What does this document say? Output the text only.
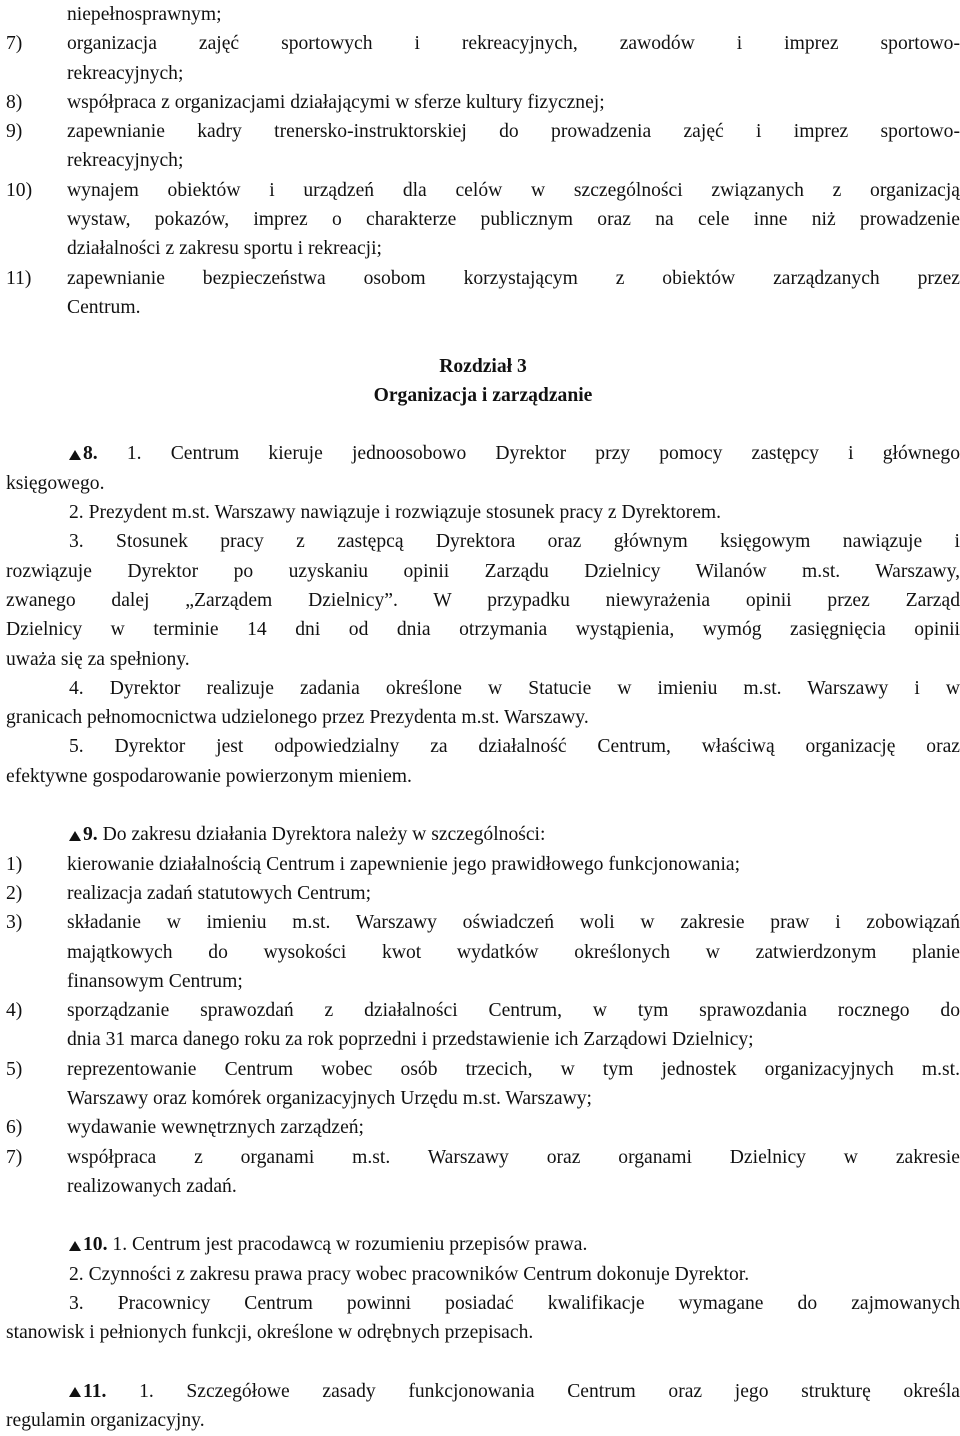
niepełnosprawnym;
7) organizacja zajęć sportowych i rekreacyjnych, zawodów i imprez sportowo-
rekreacyjnych;
8) współpraca z organizacjami działającymi w sferze kultury fizycznej;
9) zapewnianie kadry trenersko-instruktorskiej do prowadzenia zajęć i imprez sportowo-
rekreacyjnych;
10) wynajem obiektów i urządzeń dla celów w szczególności związanych z organizacją
wystaw, pokazów, imprez o charakterze publicznym oraz na cele inne niż prowadzenie
działalności z zakresu sportu i rekreacji;
11) zapewnianie bezpieczeństwa osobom korzystającym z obiektów zarządzanych przez
Centrum.
Rozdział 3
Organizacja i zarządzanie
8. 1. Centrum kieruje jednoosobowo Dyrektor przy pomocy zastępcy i głównego
księgowego.
2. Prezydent m.st. Warszawy nawiązuje i rozwiązuje stosunek pracy z Dyrektorem.
3. Stosunek pracy z zastępcą Dyrektora oraz głównym księgowym nawiązuje i
rozwiązuje Dyrektor po uzyskaniu opinii Zarządu Dzielnicy Wilanów m.st. Warszawy,
zwanego dalej „Zarządem Dzielnicy”. W przypadku niewyrażenia opinii przez Zarząd
Dzielnicy w terminie 14 dni od dnia otrzymania wystąpienia, wymóg zasięgnięcia opinii
uważa się za spełniony.
4. Dyrektor realizuje zadania określone w Statucie w imieniu m.st. Warszawy i w
granicach pełnomocnictwa udzielonego przez Prezydenta m.st. Warszawy.
5. Dyrektor jest odpowiedzialny za działalność Centrum, właściwą organizację oraz
efektywne gospodarowanie powierzonym mieniem.
9. Do zakresu działania Dyrektora należy w szczególności:
1) kierowanie działalnością Centrum i zapewnienie jego prawidłowego funkcjonowania;
2) realizacja zadań statutowych Centrum;
3) składanie w imieniu m.st. Warszawy oświadczeń woli w zakresie praw i zobowiązań
majątkowych do wysokości kwot wydatków określonych w zatwierdzonym planie
finansowym Centrum;
4) sporządzanie sprawozdań z działalności Centrum, w tym sprawozdania rocznego do
dnia 31 marca danego roku za rok poprzedni i przedstawienie ich Zarządowi Dzielnicy;
5) reprezentowanie Centrum wobec osób trzecich, w tym jednostek organizacyjnych m.st.
Warszawy oraz komórek organizacyjnych Urzędu m.st. Warszawy;
6) wydawanie wewnętrznych zarządzeń;
7) współpraca z organami m.st. Warszawy oraz organami Dzielnicy w zakresie
realizowanych zadań.
10. 1. Centrum jest pracodawcą w rozumieniu przepisów prawa.
2. Czynności z zakresu prawa pracy wobec pracowników Centrum dokonuje Dyrektor.
3. Pracownicy Centrum powinni posiadać kwalifikacje wymagane do zajmowanych
stanowisk i pełnionych funkcji, określone w odrębnych przepisach.
11. 1. Szczegółowe zasady funkcjonowania Centrum oraz jego strukturę określa
regulamin organizacyjny.
